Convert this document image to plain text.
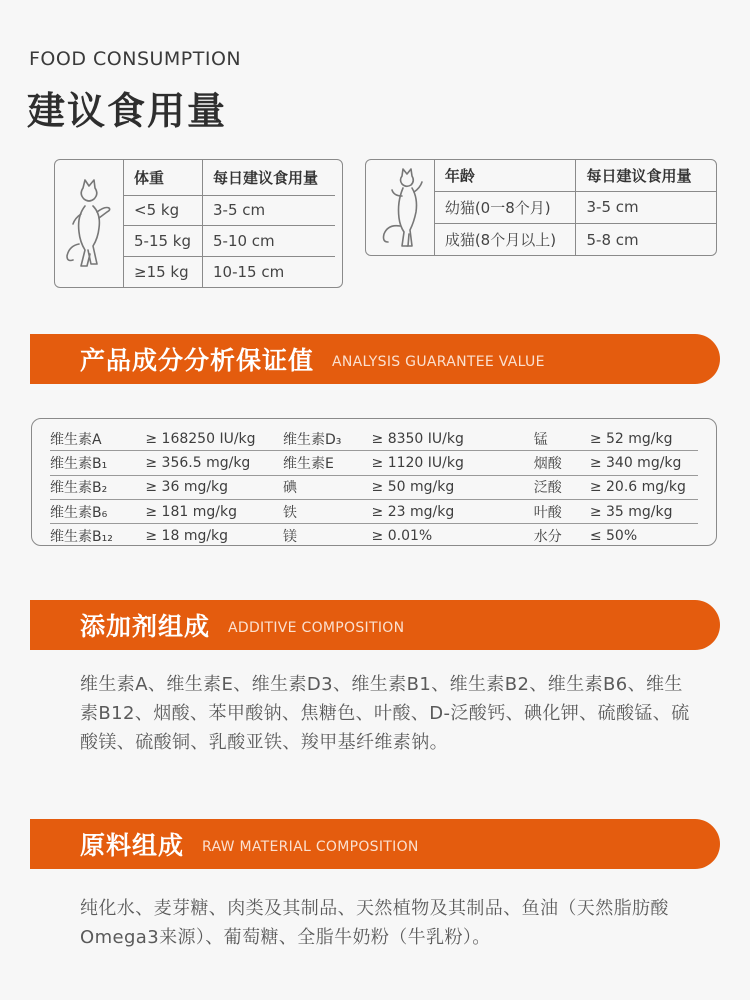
FOOD CONSUMPTION
建议食用量
体重	每日建议食用量
<5 kg	3-5 cm
5-15 kg	5-10 cm
≥15 kg	10-15 cm
年龄	每日建议食用量
幼猫(0一8个月)	3-5 cm
成猫(8个月以上)	5-8 cm
产品成分分析保证值 ANALYSIS GUARANTEE VALUE
维生素A	≥ 168250 IU/kg	维生素D₃	≥ 8350 IU/kg	锰	≥ 52 mg/kg
维生素B₁	≥ 356.5 mg/kg	维生素E	≥ 1120 IU/kg	烟酸	≥ 340 mg/kg
维生素B₂	≥ 36 mg/kg	碘	≥ 50 mg/kg	泛酸	≥ 20.6 mg/kg
维生素B₆	≥ 181 mg/kg	铁	≥ 23 mg/kg	叶酸	≥ 35 mg/kg
维生素B₁₂	≥ 18 mg/kg	镁	≥ 0.01%	水分	≤ 50%
添加剂组成 ADDITIVE COMPOSITION
维生素A、维生素E、维生素D3、维生素B1、维生素B2、维生素B6、维生素B12、烟酸、苯甲酸钠、焦糖色、叶酸、D-泛酸钙、碘化钾、硫酸锰、硫酸镁、硫酸铜、乳酸亚铁、羧甲基纤维素钠。
原料组成 RAW MATERIAL COMPOSITION
纯化水、麦芽糖、肉类及其制品、天然植物及其制品、鱼油（天然脂肪酸Omega3来源）、葡萄糖、全脂牛奶粉（牛乳粉）。
